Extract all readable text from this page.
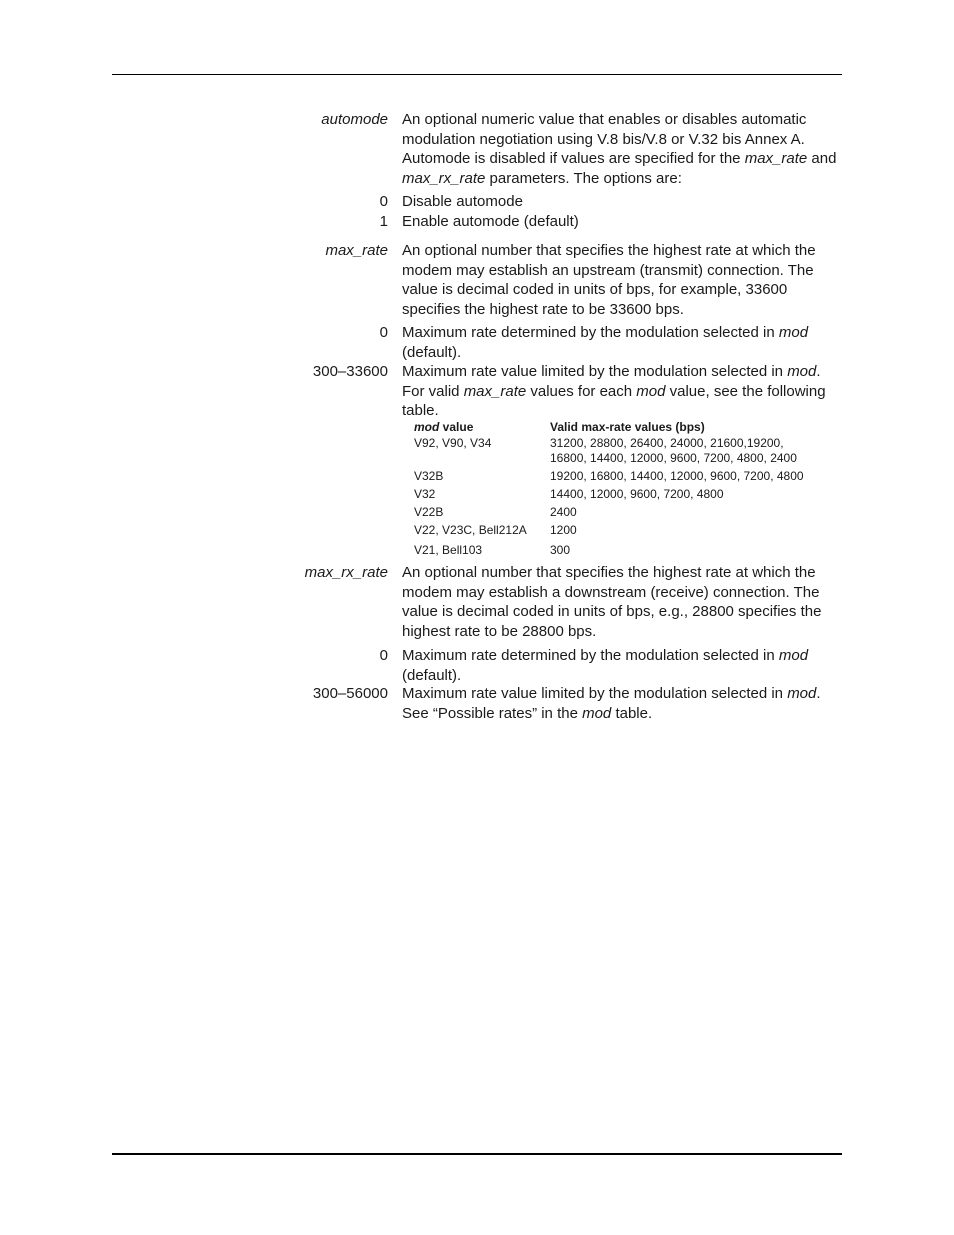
automode An optional numeric value that enables or disables automatic modulation negotiation using V.8 bis/V.8 or V.32 bis Annex A. Automode is disabled if values are specified for the max_rate and max_rx_rate parameters. The options are:
0 Disable automode
1 Enable automode (default)
max_rate An optional number that specifies the highest rate at which the modem may establish an upstream (transmit) connection. The value is decimal coded in units of bps, for example, 33600 specifies the highest rate to be 33600 bps.
0 Maximum rate determined by the modulation selected in mod (default).
300–33600 Maximum rate value limited by the modulation selected in mod. For valid max_rate values for each mod value, see the following table.
mod value	Valid max-rate values (bps)
V92, V90, V34	31200, 28800, 26400, 24000, 21600,19200,
16800, 14400, 12000, 9600, 7200, 4800, 2400
V32B	19200, 16800, 14400, 12000, 9600, 7200, 4800
V32	14400, 12000, 9600, 7200, 4800
V22B	2400
V22, V23C, Bell212A 1200
V21, Bell103	300
max_rx_rate An optional number that specifies the highest rate at which the modem may establish a downstream (receive) connection. The value is decimal coded in units of bps, e.g., 28800 specifies the highest rate to be 28800 bps.
0 Maximum rate determined by the modulation selected in mod (default).
300–56000 Maximum rate value limited by the modulation selected in mod. See “Possible rates” in the mod table.
